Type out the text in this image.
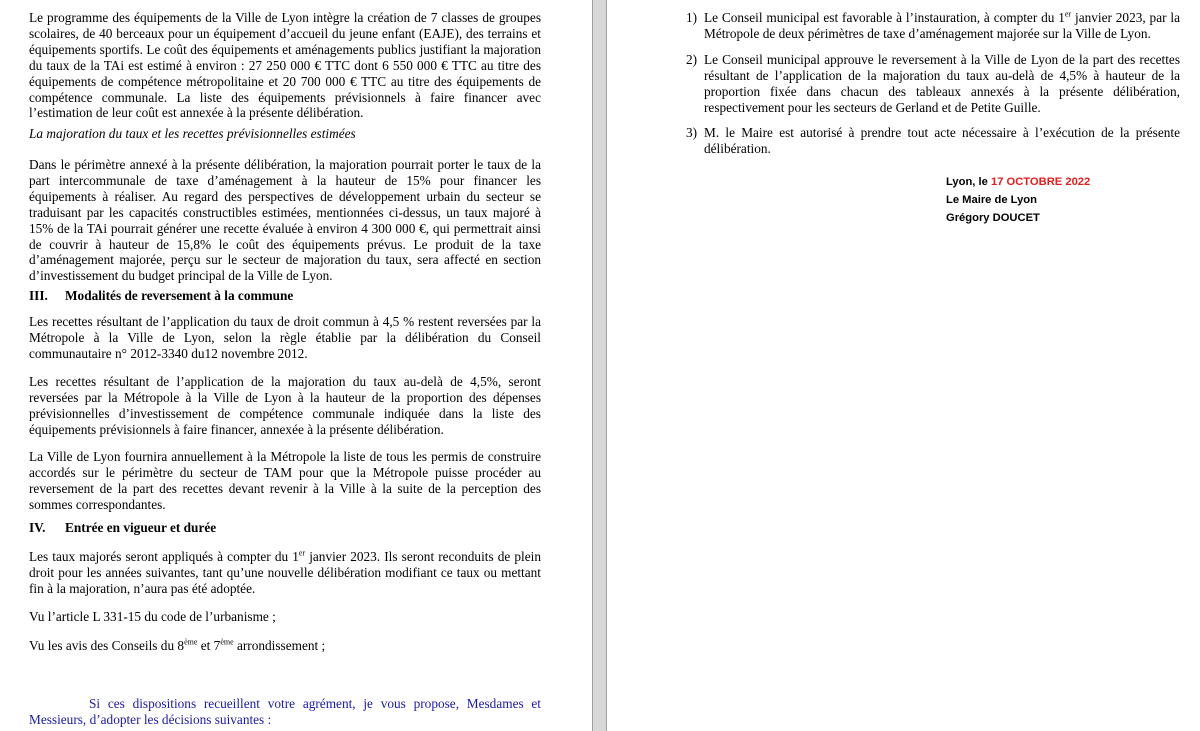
Le programme des équipements de la Ville de Lyon intègre la création de 7 classes de groupes scolaires, de 40 berceaux pour un équipement d’accueil du jeune enfant (EAJE), des terrains et équipements sportifs. Le coût des équipements et aménagements publics justifiant la majoration du taux de la TAi est estimé à environ : 27 250 000 € TTC dont 6 550 000 € TTC au titre des équipements de compétence métropolitaine et 20 700 000 € TTC au titre des équipements de compétence communale. La liste des équipements prévisionnels à faire financer avec l’estimation de leur coût est annexée à la présente délibération.

La majoration du taux et les recettes prévisionnelles estimées

Dans le périmètre annexé à la présente délibération, la majoration pourrait porter le taux de la part intercommunale de taxe d’aménagement à la hauteur de 15% pour financer les équipements à réaliser. Au regard des perspectives de développement urbain du secteur se traduisant par les capacités constructibles estimées, mentionnées ci-dessus, un taux majoré à 15% de la TAi pourrait générer une recette évaluée à environ 4 300 000 €, qui permettrait ainsi de couvrir à hauteur de 15,8% le coût des équipements prévus. Le produit de la taxe d’aménagement majorée, perçu sur le secteur de majoration du taux, sera affecté en section d’investissement du budget principal de la Ville de Lyon.

III. Modalités de reversement à la commune

Les recettes résultant de l’application du taux de droit commun à 4,5 % restent reversées par la Métropole à la Ville de Lyon, selon la règle établie par la délibération du Conseil communautaire n° 2012-3340 du12 novembre 2012.

Les recettes résultant de l’application de la majoration du taux au-delà de 4,5%, seront reversées par la Métropole à la Ville de Lyon à la hauteur de la proportion des dépenses prévisionnelles d’investissement de compétence communale indiquée dans la liste des équipements prévisionnels à faire financer, annexée à la présente délibération.

La Ville de Lyon fournira annuellement à la Métropole la liste de tous les permis de construire accordés sur le périmètre du secteur de TAM pour que la Métropole puisse procéder au reversement de la part des recettes devant revenir à la Ville à la suite de la perception des sommes correspondantes.

IV. Entrée en vigueur et durée

Les taux majorés seront appliqués à compter du 1er janvier 2023. Ils seront reconduits de plein droit pour les années suivantes, tant qu’une nouvelle délibération modifiant ce taux ou mettant fin à la majoration, n’aura pas été adoptée.

Vu l’article L 331-15 du code de l’urbanisme ;

Vu les avis des Conseils du 8ème et 7ème arrondissement ;

Si ces dispositions recueillent votre agrément, je vous propose, Mesdames et Messieurs, d’adopter les décisions suivantes :

1) Le Conseil municipal est favorable à l’instauration, à compter du 1er janvier 2023, par la Métropole de deux périmètres de taxe d’aménagement majorée sur la Ville de Lyon.

2) Le Conseil municipal approuve le reversement à la Ville de Lyon de la part des recettes résultant de l’application de la majoration du taux au-delà de 4,5% à hauteur de la proportion fixée dans chacun des tableaux annexés à la présente délibération, respectivement pour les secteurs de Gerland et de Petite Guille.

3) M. le Maire est autorisé à prendre tout acte nécessaire à l’exécution de la présente délibération.

Lyon, le 17 OCTOBRE 2022
Le Maire de Lyon
Grégory DOUCET
